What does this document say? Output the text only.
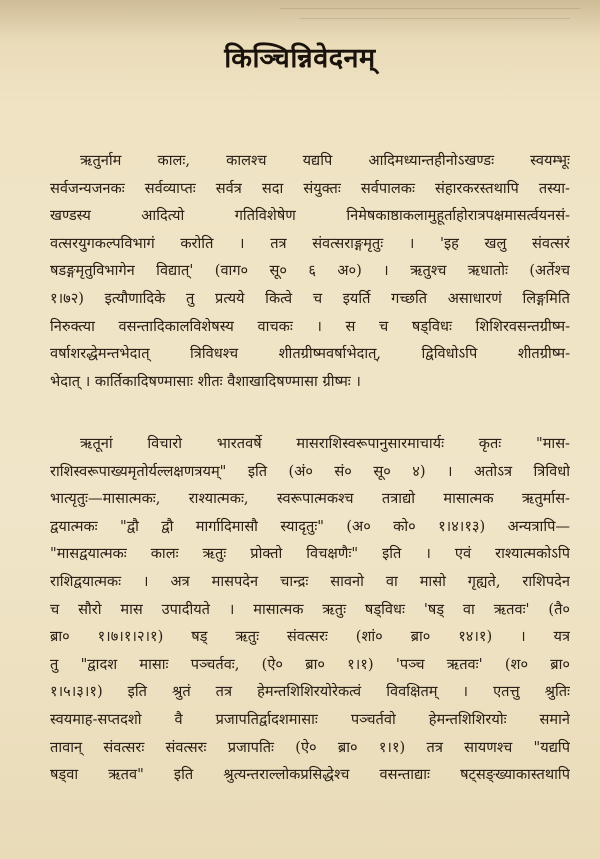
किञ्चिन्निवेदनम्
ऋतुर्नाम कालः, कालश्च यद्यपि आदिमध्यान्तहीनोऽखण्डः स्वयम्भूः
सर्वजन्यजनकः सर्वव्याप्तः सर्वत्र सदा संयुक्तः सर्वपालकः संहारकरस्तथापि तस्या-
खण्डस्य आदित्यो गतिविशेषेण निमेषकाष्ठाकलामुहूर्ताहोरात्रपक्षमासर्त्वयनसं-
वत्सरयुगकल्पविभागं करोति । तत्र संवत्सराङ्गमृतुः । 'इह खलु संवत्सरं
षडङ्गमृतुविभागेन विद्यात्' (वाग० सू० ६ अ०) । ऋतुश्च ऋधातोः (अर्तेश्च
१।७२) इत्यौणादिके तु प्रत्यये कित्वे च इयर्ति गच्छति असाधारणं लिङ्गमिति
निरुक्त्या वसन्तादिकालविशेषस्य वाचकः । स च षड्विधः शिशिरवसन्तग्रीष्म-
वर्षाशरद्धेमन्तभेदात् त्रिविधश्च शीतग्रीष्मवर्षाभेदात्, द्विविधोऽपि शीतग्रीष्म-
भेदात् । कार्तिकादिषण्मासाः शीतः वैशाखादिषण्मासा ग्रीष्मः ।
ऋतूनां विचारो भारतवर्षे मासराशिस्वरूपानुसारमाचार्यः कृतः "मास-
राशिस्वरूपाख्यमृतोर्यल्लक्षणत्रयम्" इति (अं० सं० सू० ४) । अतोऽत्र त्रिविधो
भात्यृतुः—मासात्मकः, राश्यात्मकः, स्वरूपात्मकश्च तत्राद्यो मासात्मक ऋतुर्मास-
द्वयात्मकः "द्वौ द्वौ मार्गादिमासौ स्यादृतुः" (अ० को० १।४।१३) अन्यत्रापि—
"मासद्वयात्मकः कालः ऋतुः प्रोक्तो विचक्षणैः" इति । एवं राश्यात्मकोऽपि
राशिद्वयात्मकः । अत्र मासपदेन चान्द्रः सावनो वा मासो गृह्यते, राशिपदेन
च सौरो मास उपादीयते । मासात्मक ऋतुः षड्विधः 'षड् वा ऋतवः' (तै०
ब्रा० १।७।१।२।१) षड् ऋतुः संवत्सरः (शां० ब्रा० १४।१) । यत्र
तु "द्वादश मासाः पञ्चर्तवः, (ऐ० ब्रा० १।१) 'पञ्च ऋतवः' (श० ब्रा०
१।५।३।१) इति श्रुतं तत्र हेमन्तशिशिरयोरेकत्वं विवक्षितम् । एतत्तु श्रुतिः
स्वयमाह-सप्तदशो वै प्रजापतिर्द्वादशमासाः पञ्चर्तवो हेमन्तशिशिरयोः समाने
तावान् संवत्सरः संवत्सरः प्रजापतिः (ऐ० ब्रा० १।१) तत्र सायणश्च "यद्यपि
षड्वा ऋतव" इति श्रुत्यन्तराल्लोकप्रसिद्धेश्च वसन्ताद्याः षट्सङ्ख्याकास्तथापि
